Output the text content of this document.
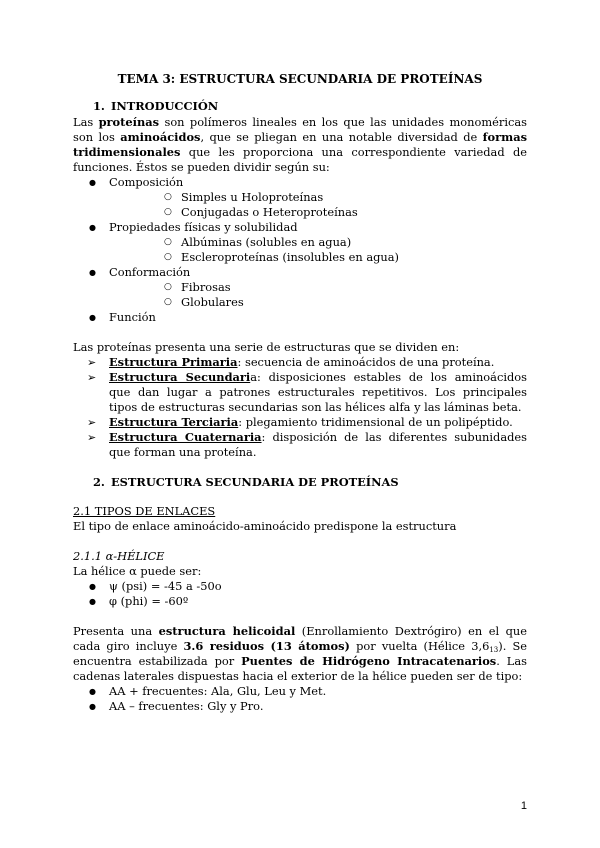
TEMA 3: ESTRUCTURA SECUNDARIA DE PROTEÍNAS

1. INTRODUCCIÓN

Las proteínas son polímeros lineales en los que las unidades monoméricas son los aminoácidos, que se pliegan en una notable diversidad de formas tridimensionales que les proporciona una correspondiente variedad de funciones. Éstos se pueden dividir según su:

● Composición
○ Simples u Holoproteínas
○ Conjugadas o Heteroproteínas
● Propiedades físicas y solubilidad
○ Albúminas (solubles en agua)
○ Escleroproteínas (insolubles en agua)
● Conformación
○ Fibrosas
○ Globulares
● Función

Las proteínas presenta una serie de estructuras que se dividen en:

➢ Estructura Primaria: secuencia de aminoácidos de una proteína.
➢ Estructura Secundaria: disposiciones estables de los aminoácidos que dan lugar a patrones estructurales repetitivos. Los principales tipos de estructuras secundarias son las hélices alfa y las láminas beta.
➢ Estructura Terciaria: plegamiento tridimensional de un polipéptido.
➢ Estructura Cuaternaria: disposición de las diferentes subunidades que forman una proteína.

2. ESTRUCTURA SECUNDARIA DE PROTEÍNAS

2.1 TIPOS DE ENLACES

El tipo de enlace aminoácido-aminoácido predispone la estructura

2.1.1 α-HÉLICE

La hélice α puede ser:

● ψ (psi) = -45 a -50o
● φ (phi) = -60º

Presenta una estructura helicoidal (Enrollamiento Dextrógiro) en el que cada giro incluye 3.6 residuos (13 átomos) por vuelta (Hélice $3,6_{13}$). Se encuentra estabilizada por Puentes de Hidrógeno Intracatenarios. Las cadenas laterales dispuestas hacia el exterior de la hélice pueden ser de tipo:

● AA + frecuentes: Ala, Glu, Leu y Met.
● AA – frecuentes: Gly y Pro.
1
